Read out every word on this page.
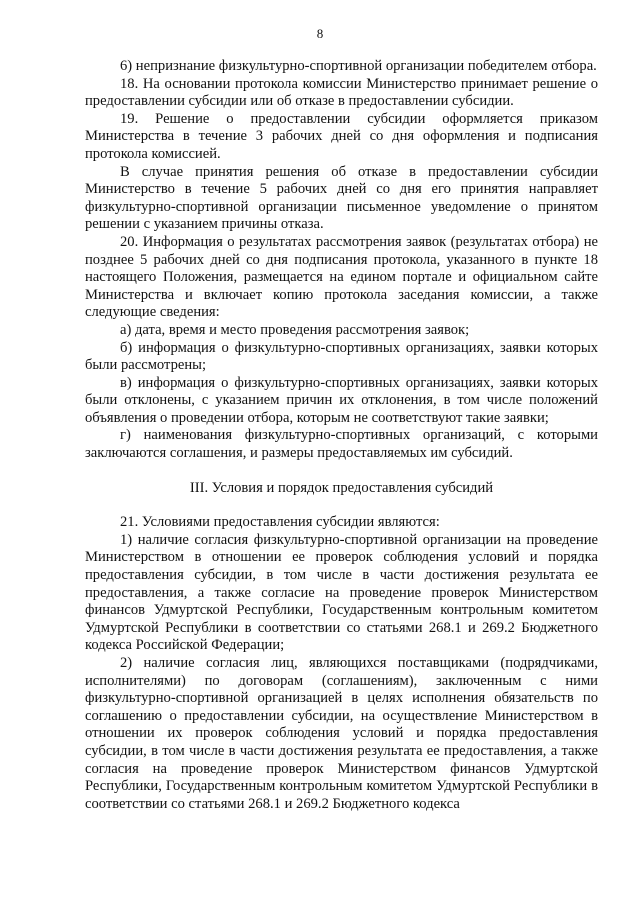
8

6) непризнание физкультурно-спортивной организации победителем отбора.

18. На основании протокола комиссии Министерство принимает решение о предоставлении субсидии или об отказе в предоставлении субсидии.

19. Решение о предоставлении субсидии оформляется приказом Министерства в течение 3 рабочих дней со дня оформления и подписания протокола комиссией.

В случае принятия решения об отказе в предоставлении субсидии Министерство в течение 5 рабочих дней со дня его принятия направляет физкультурно-спортивной организации письменное уведомление о принятом решении с указанием причины отказа.

20. Информация о результатах рассмотрения заявок (результатах отбора) не позднее 5 рабочих дней со дня подписания протокола, указанного в пункте 18 настоящего Положения, размещается на едином портале и официальном сайте Министерства и включает копию протокола заседания комиссии, а также следующие сведения:

а) дата, время и место проведения рассмотрения заявок;

б) информация о физкультурно-спортивных организациях, заявки которых были рассмотрены;

в) информация о физкультурно-спортивных организациях, заявки которых были отклонены, с указанием причин их отклонения, в том числе положений объявления о проведении отбора, которым не соответствуют такие заявки;

г) наименования физкультурно-спортивных организаций, с которыми заключаются соглашения, и размеры предоставляемых им субсидий.

III. Условия и порядок предоставления субсидий

21. Условиями предоставления субсидии являются:

1) наличие согласия физкультурно-спортивной организации на проведение Министерством в отношении ее проверок соблюдения условий и порядка предоставления субсидии, в том числе в части достижения результата ее предоставления, а также согласие на проведение проверок Министерством финансов Удмуртской Республики, Государственным контрольным комитетом Удмуртской Республики в соответствии со статьями 268.1 и 269.2 Бюджетного кодекса Российской Федерации;

2) наличие согласия лиц, являющихся поставщиками (подрядчиками, исполнителями) по договорам (соглашениям), заключенным с ними физкультурно-спортивной организацией в целях исполнения обязательств по соглашению о предоставлении субсидии, на осуществление Министерством в отношении их проверок соблюдения условий и порядка предоставления субсидии, в том числе в части достижения результата ее предоставления, а также согласия на проведение проверок Министерством финансов Удмуртской Республики, Государственным контрольным комитетом Удмуртской Республики в соответствии со статьями 268.1 и 269.2 Бюджетного кодекса
